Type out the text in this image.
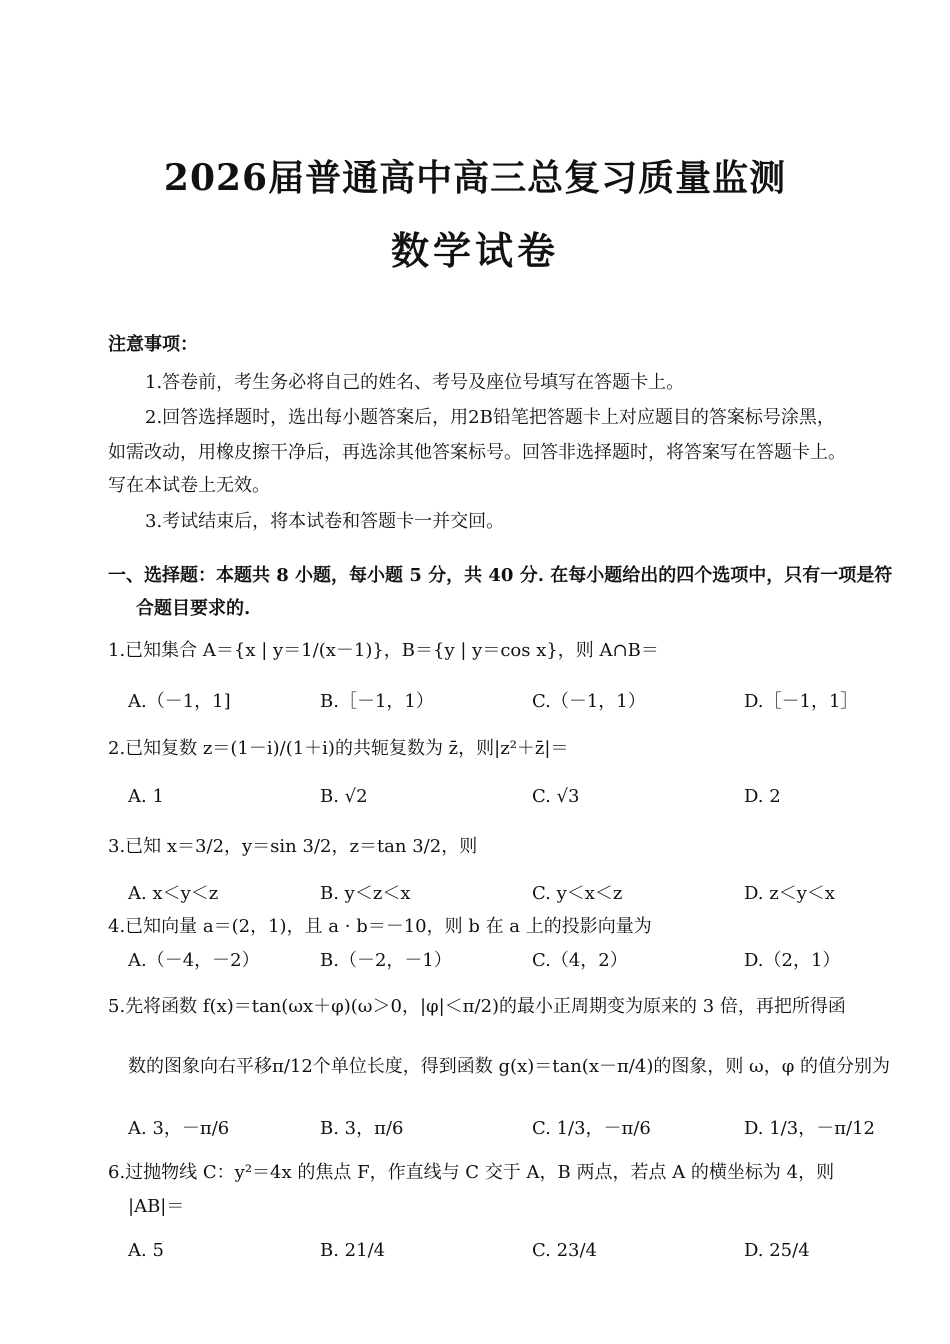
2026届普通高中高三总复习质量监测
数学试卷
注意事项：
1.答卷前，考生务必将自己的姓名、考号及座位号填写在答题卡上。
2.回答选择题时，选出每小题答案后，用2B铅笔把答题卡上对应题目的答案标号涂黑，
如需改动，用橡皮擦干净后，再选涂其他答案标号。回答非选择题时，将答案写在答题卡上。
写在本试卷上无效。
3.考试结束后，将本试卷和答题卡一并交回。
一、选择题：本题共 8 小题，每小题 5 分，共 40 分. 在每小题给出的四个选项中，只有一项是符
合题目要求的.
1.已知集合 A＝{x | y＝1/(x－1)}，B＝{y | y＝cos x}，则 A∩B＝
A.（－1，1]	B.［－1，1）	C.（－1，1）	D.［－1，1］
2.已知复数 z＝(1－i)/(1＋i)的共轭复数为 z̄，则|z²＋z̄|＝
A. 1	B. √2	C. √3	D. 2
3.已知 x＝3/2，y＝sin 3/2，z＝tan 3/2，则
A. x＜y＜z	B. y＜z＜x	C. y＜x＜z	D. z＜y＜x
4.已知向量 a＝(2，1)，且 a · b＝－10，则 b 在 a 上的投影向量为
A.（－4，－2）	B.（－2，－1）	C.（4，2）	D.（2，1）
5.先将函数 f(x)＝tan(ωx＋φ)(ω＞0，|φ|＜π/2)的最小正周期变为原来的 3 倍，再把所得函
数的图象向右平移π/12个单位长度，得到函数 g(x)＝tan(x－π/4)的图象，则 ω，φ 的值分别为
A. 3，－π/6	B. 3，π/6	C. 1/3，－π/6	D. 1/3，－π/12
6.过抛物线 C：y²＝4x 的焦点 F，作直线与 C 交于 A，B 两点，若点 A 的横坐标为 4，则
|AB|＝
A. 5	B. 21/4	C. 23/4	D. 25/4
